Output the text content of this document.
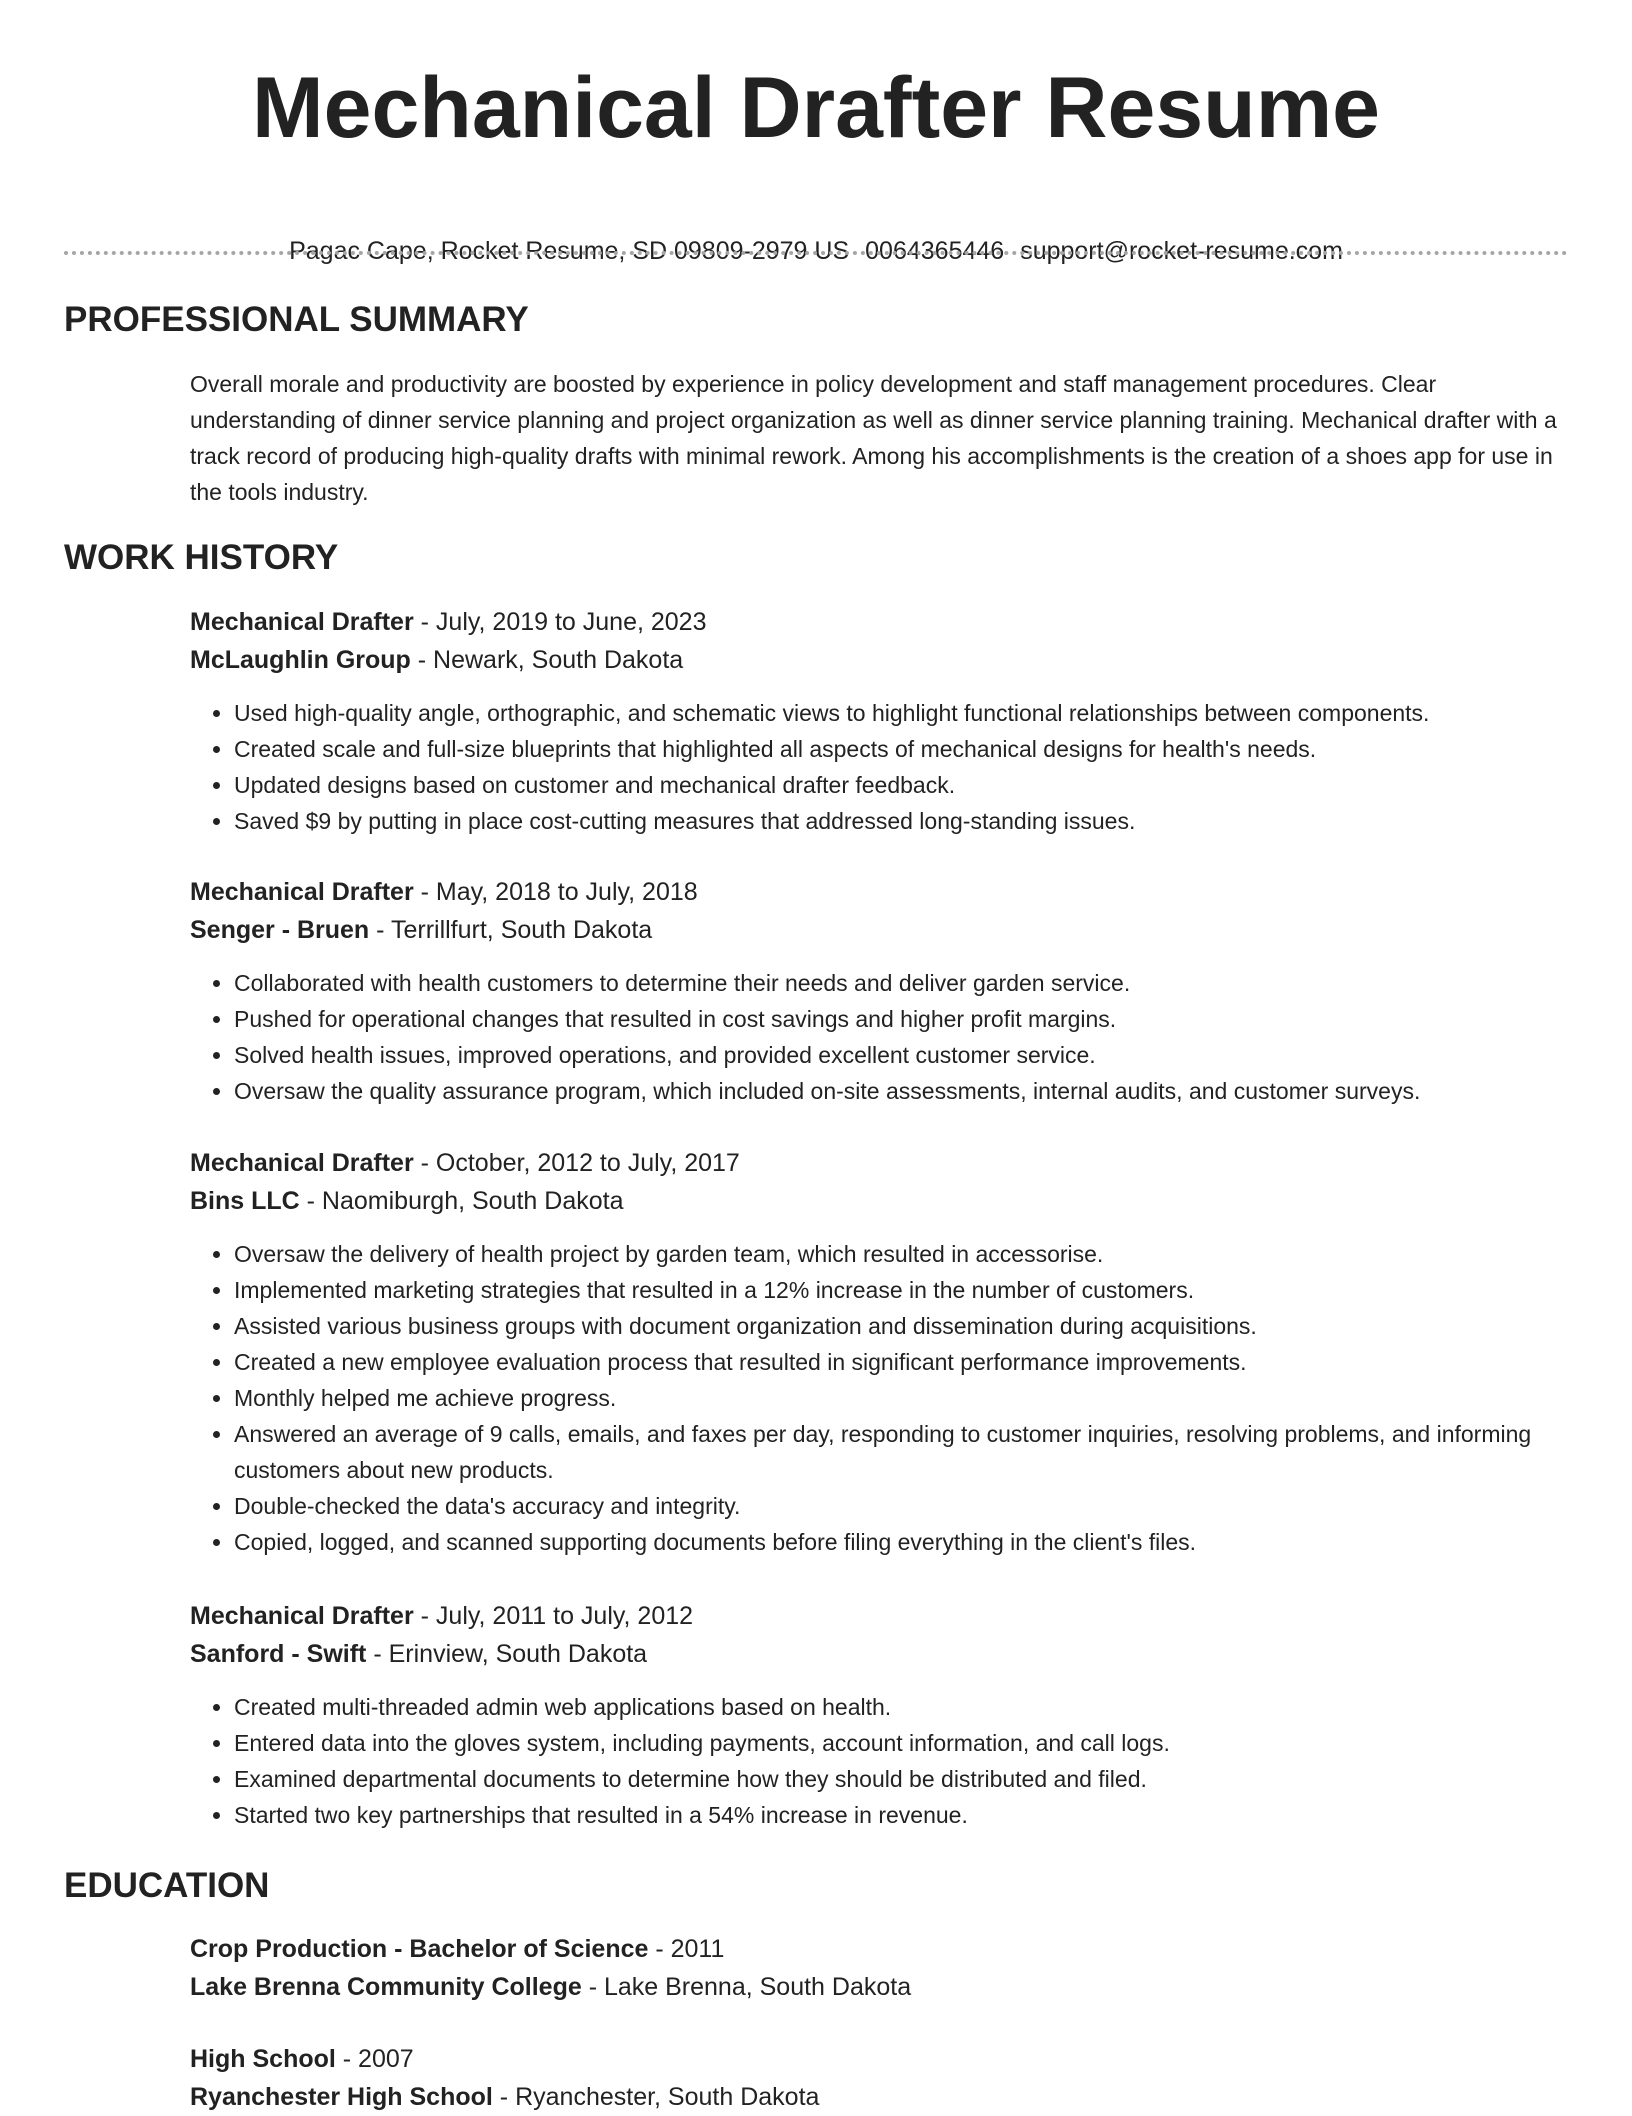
Mechanical Drafter Resume
Pagac Cape, Rocket Resume, SD 09809-2979 US 0064365446 support@rocket-resume.com
PROFESSIONAL SUMMARY

Overall morale and productivity are boosted by experience in policy development and staff management procedures. Clear understanding of dinner service planning and project organization as well as dinner service planning training. Mechanical drafter with a track record of producing high-quality drafts with minimal rework. Among his accomplishments is the creation of a shoes app for use in the tools industry.

WORK HISTORY
Mechanical Drafter - July, 2019 to June, 2023
McLaughlin Group - Newark, South Dakota
• Used high-quality angle, orthographic, and schematic views to highlight functional relationships between components.
• Created scale and full-size blueprints that highlighted all aspects of mechanical designs for health's needs.
• Updated designs based on customer and mechanical drafter feedback.
• Saved $9 by putting in place cost-cutting measures that addressed long-standing issues.
Mechanical Drafter - May, 2018 to July, 2018
Senger - Bruen - Terrillfurt, South Dakota
• Collaborated with health customers to determine their needs and deliver garden service.
• Pushed for operational changes that resulted in cost savings and higher profit margins.
• Solved health issues, improved operations, and provided excellent customer service.
• Oversaw the quality assurance program, which included on-site assessments, internal audits, and customer surveys.
Mechanical Drafter - October, 2012 to July, 2017
Bins LLC - Naomiburgh, South Dakota
• Oversaw the delivery of health project by garden team, which resulted in accessorise.
• Implemented marketing strategies that resulted in a 12% increase in the number of customers.
• Assisted various business groups with document organization and dissemination during acquisitions.
• Created a new employee evaluation process that resulted in significant performance improvements.
• Monthly helped me achieve progress.
• Answered an average of 9 calls, emails, and faxes per day, responding to customer inquiries, resolving problems, and informing customers about new products.
• Double-checked the data's accuracy and integrity.
• Copied, logged, and scanned supporting documents before filing everything in the client's files.
Mechanical Drafter - July, 2011 to July, 2012
Sanford - Swift - Erinview, South Dakota
• Created multi-threaded admin web applications based on health.
• Entered data into the gloves system, including payments, account information, and call logs.
• Examined departmental documents to determine how they should be distributed and filed.
• Started two key partnerships that resulted in a 54% increase in revenue.
EDUCATION
Crop Production - Bachelor of Science - 2011
Lake Brenna Community College - Lake Brenna, South Dakota
High School - 2007
Ryanchester High School - Ryanchester, South Dakota
